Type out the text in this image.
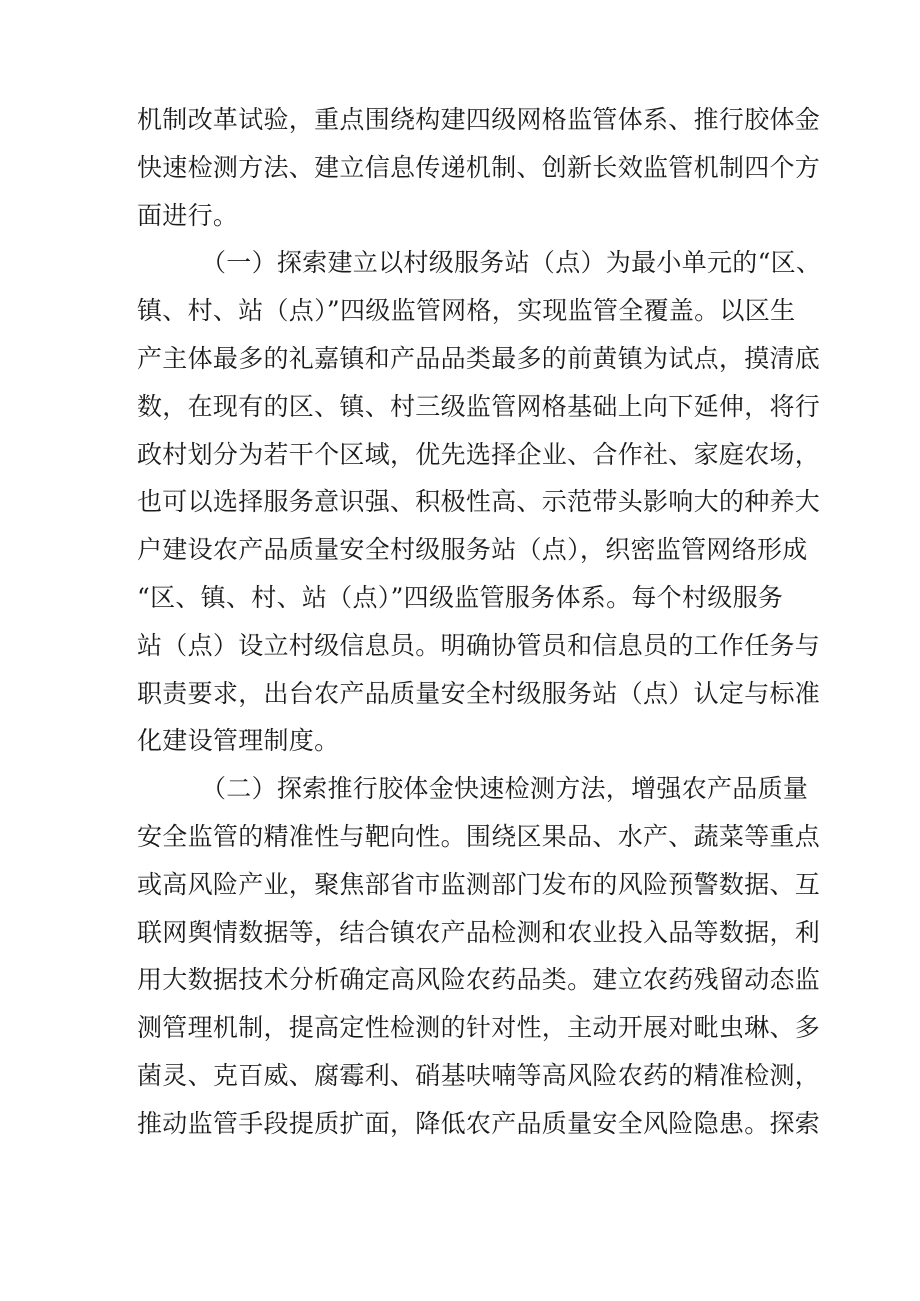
机制改革试验，重点围绕构建四级网格监管体系、推行胶体金
快速检测方法、建立信息传递机制、创新长效监管机制四个方
面进行。
（一）探索建立以村级服务站（点）为最小单元的“区、
镇、村、站（点）”四级监管网格，实现监管全覆盖。以区生
产主体最多的礼嘉镇和产品品类最多的前黄镇为试点，摸清底
数，在现有的区、镇、村三级监管网格基础上向下延伸，将行
政村划分为若干个区域，优先选择企业、合作社、家庭农场，
也可以选择服务意识强、积极性高、示范带头影响大的种养大
户建设农产品质量安全村级服务站（点），织密监管网络形成
“区、镇、村、站（点）”四级监管服务体系。每个村级服务
站（点）设立村级信息员。明确协管员和信息员的工作任务与
职责要求，出台农产品质量安全村级服务站（点）认定与标准
化建设管理制度。
（二）探索推行胶体金快速检测方法，增强农产品质量
安全监管的精准性与靶向性。围绕区果品、水产、蔬菜等重点
或高风险产业，聚焦部省市监测部门发布的风险预警数据、互
联网舆情数据等，结合镇农产品检测和农业投入品等数据，利
用大数据技术分析确定高风险农药品类。建立农药残留动态监
测管理机制，提高定性检测的针对性，主动开展对毗虫琳、多
菌灵、克百威、腐霉利、硝基呋喃等高风险农药的精准检测，
推动监管手段提质扩面，降低农产品质量安全风险隐患。探索
